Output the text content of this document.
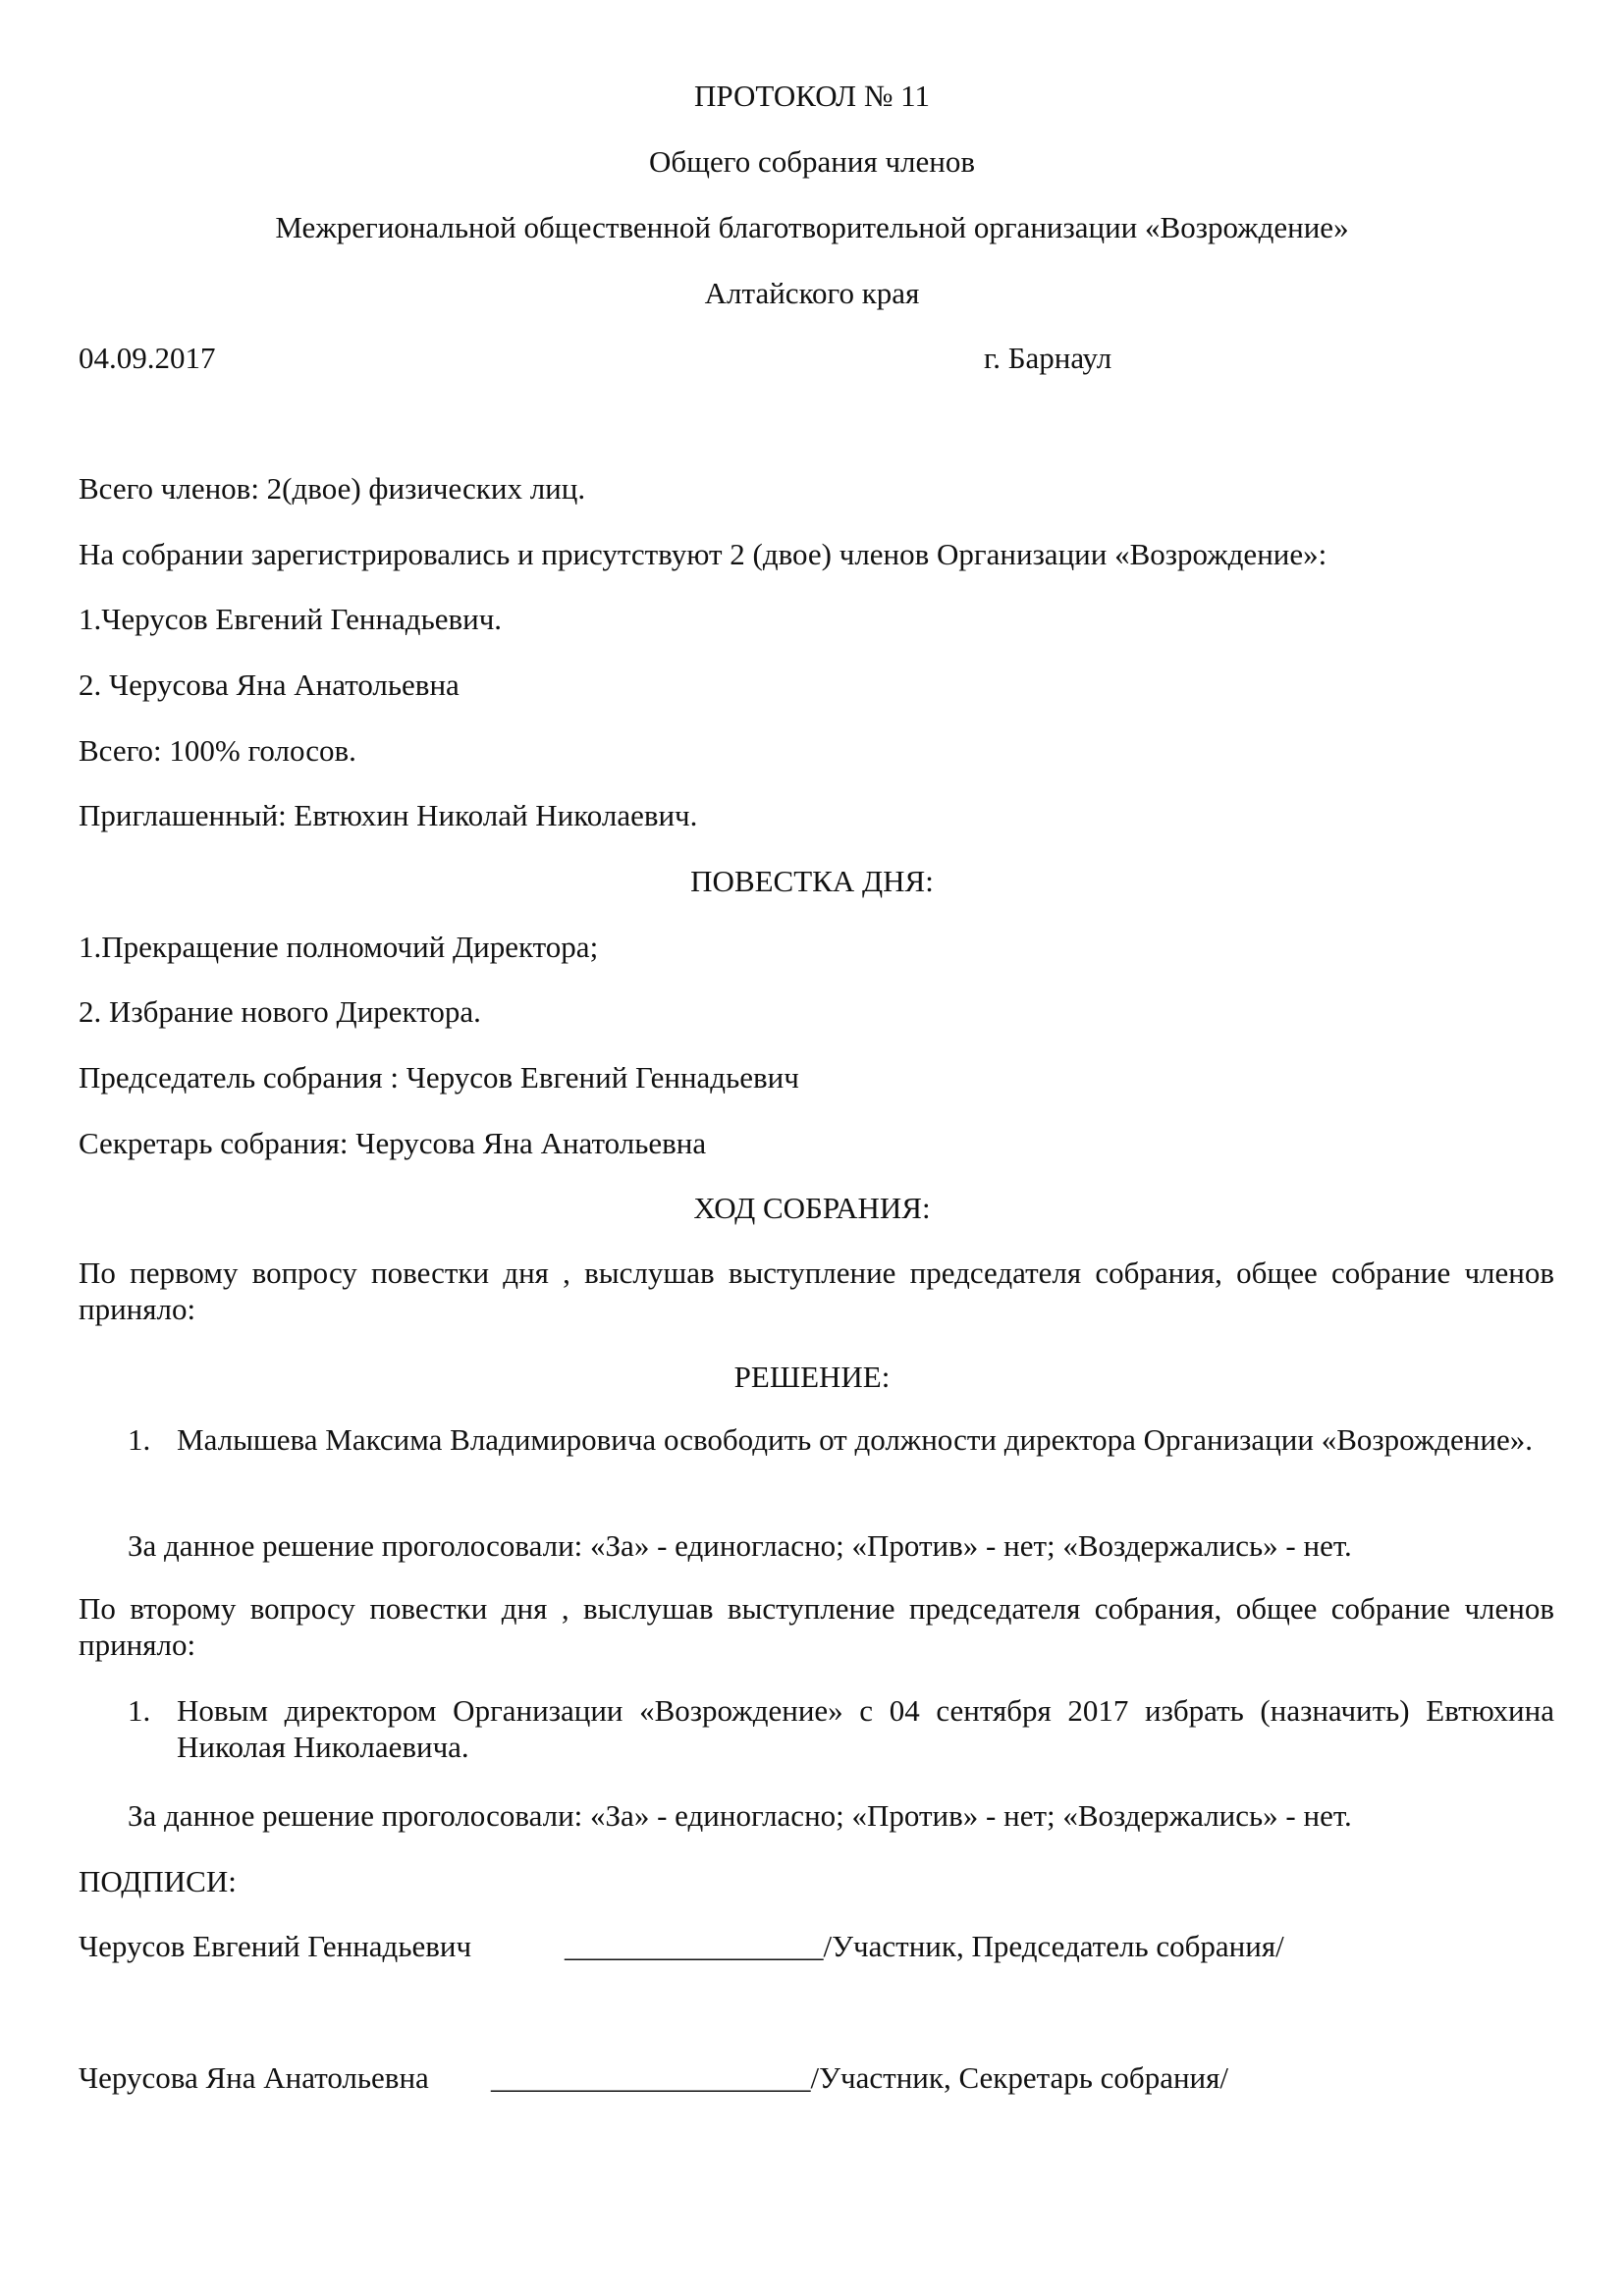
ПРОТОКОЛ № 11
Общего собрания членов
Межрегиональной общественной благотворительной организации «Возрождение»
Алтайского края
04.09.2017	г. Барнаул
Всего членов: 2(двое) физических лиц.
На собрании зарегистрировались и присутствуют 2 (двое) членов Организации «Возрождение»:
1.Черусов Евгений Геннадьевич.
2. Черусова Яна Анатольевна
Всего: 100% голосов.
Приглашенный: Евтюхин Николай Николаевич.
ПОВЕСТКА ДНЯ:
1.Прекращение полномочий Директора;
2. Избрание нового Директора.
Председатель собрания : Черусов Евгений Геннадьевич
Секретарь собрания: Черусова Яна Анатольевна
ХОД СОБРАНИЯ:
По первому вопросу повестки дня , выслушав выступление председателя собрания, общее собрание членов приняло:
РЕШЕНИЕ:
1. Малышева Максима Владимировича освободить от должности директора Организации «Возрождение».
За данное решение проголосовали: «За» - единогласно; «Против» - нет; «Воздержались» - нет.
По второму вопросу повестки дня , выслушав выступление председателя собрания, общее собрание членов приняло:
1. Новым директором Организации «Возрождение» с 04 сентября 2017 избрать (назначить) Евтюхина Николая Николаевича.
За данное решение проголосовали: «За» - единогласно; «Против» - нет; «Воздержались» - нет.
ПОДПИСИ:
Черусов Евгений Геннадьевич	_________________/Участник, Председатель собрания/
Черусова Яна Анатольевна _____________________/Участник, Секретарь собрания/
